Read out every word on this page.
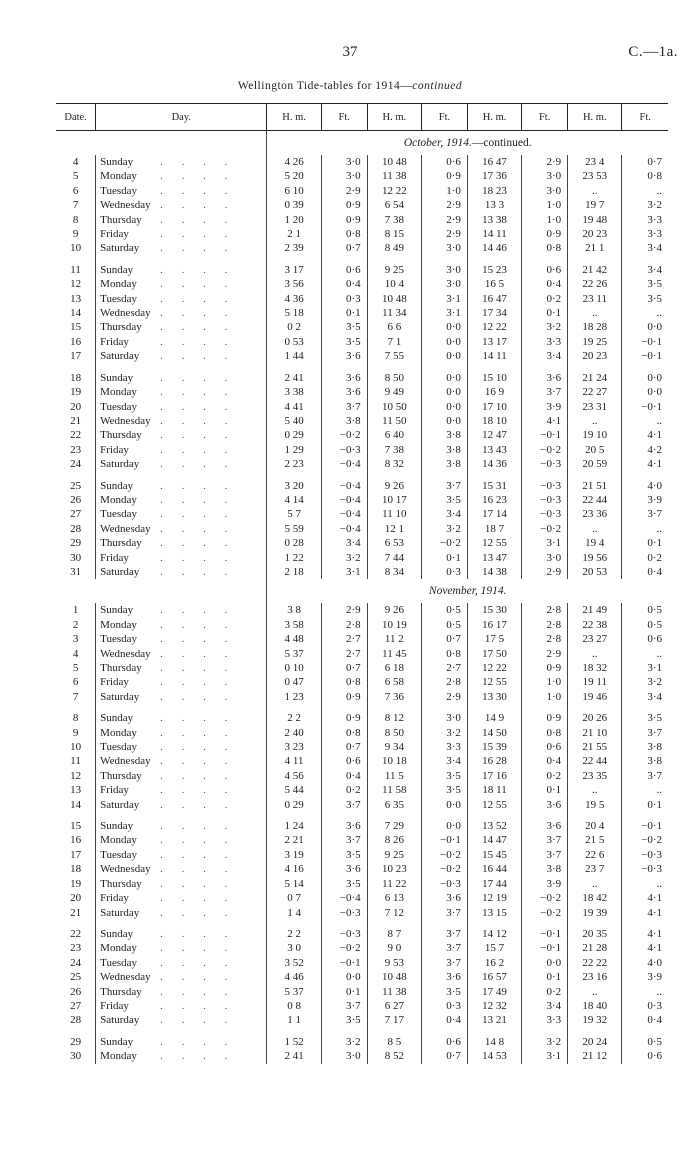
37	C.—1a.
Wellington Tide-tables for 1914—continued
Date.	Day.	H. m.	Ft.	H. m.	Ft.	H. m.	Ft.	H. m.	Ft.
		October, 1914.—continued.							
4	Sunday . . . .	4 26	3·0	10 48	0·6	16 47	2·9	23 4	0·7
5	Monday . . . .	5 20	3·0	11 38	0·9	17 36	3·0	23 53	0·8
6	Tuesday . . . .	6 10	2·9	12 22	1·0	18 23	3·0	..	..
7	Wednesday . . . .	0 39	0·9	6 54	2·9	13 3	1·0	19 7	3·2
8	Thursday . . . .	1 20	0·9	7 38	2·9	13 38	1·0	19 48	3·3
9	Friday . . . .	2 1	0·8	8 15	2·9	14 11	0·9	20 23	3·3
10	Saturday . . . .	2 39	0·7	8 49	3·0	14 46	0·8	21 1	3·4

11	Sunday . . . .	3 17	0·6	9 25	3·0	15 23	0·6	21 42	3·4
12	Monday . . . .	3 56	0·4	10 4	3·0	16 5	0·4	22 26	3·5
13	Tuesday . . . .	4 36	0·3	10 48	3·1	16 47	0·2	23 11	3·5
14	Wednesday . . . .	5 18	0·1	11 34	3·1	17 34	0·1	..	..
15	Thursday . . . .	0 2	3·5	6 6	0·0	12 22	3·2	18 28	0·0
16	Friday . . . .	0 53	3·5	7 1	0·0	13 17	3·3	19 25	−0·1
17	Saturday . . . .	1 44	3·6	7 55	0·0	14 11	3·4	20 23	−0·1

18	Sunday . . . .	2 41	3·6	8 50	0·0	15 10	3·6	21 24	0·0
19	Monday . . . .	3 38	3·6	9 49	0·0	16 9	3·7	22 27	0·0
20	Tuesday . . . .	4 41	3·7	10 50	0·0	17 10	3·9	23 31	−0·1
21	Wednesday . . . .	5 40	3·8	11 50	0·0	18 10	4·1	..	..
22	Thursday . . . .	0 29	−0·2	6 40	3·8	12 47	−0·1	19 10	4·1
23	Friday . . . .	1 29	−0·3	7 38	3·8	13 43	−0·2	20 5	4·2
24	Saturday . . . .	2 23	−0·4	8 32	3·8	14 36	−0·3	20 59	4·1

25	Sunday . . . .	3 20	−0·4	9 26	3·7	15 31	−0·3	21 51	4·0
26	Monday . . . .	4 14	−0·4	10 17	3·5	16 23	−0·3	22 44	3·9
27	Tuesday . . . .	5 7	−0·4	11 10	3·4	17 14	−0·3	23 36	3·7
28	Wednesday . . . .	5 59	−0·4	12 1	3·2	18 7	−0·2	..	..
29	Thursday . . . .	0 28	3·4	6 53	−0·2	12 55	3·1	19 4	0·1
30	Friday . . . .	1 22	3·2	7 44	0·1	13 47	3·0	19 56	0·2
31	Saturday . . . .	2 18	3·1	8 34	0·3	14 38	2·9	20 53	0·4
		November, 1914.							
1	Sunday . . . .	3 8	2·9	9 26	0·5	15 30	2·8	21 49	0·5
2	Monday . . . .	3 58	2·8	10 19	0·5	16 17	2·8	22 38	0·5
3	Tuesday . . . .	4 48	2·7	11 2	0·7	17 5	2·8	23 27	0·6
4	Wednesday . . . .	5 37	2·7	11 45	0·8	17 50	2·9	..	..
5	Thursday . . . .	0 10	0·7	6 18	2·7	12 22	0·9	18 32	3·1
6	Friday . . . .	0 47	0·8	6 58	2·8	12 55	1·0	19 11	3·2
7	Saturday . . . .	1 23	0·9	7 36	2·9	13 30	1·0	19 46	3·4

8	Sunday . . . .	2 2	0·9	8 12	3·0	14 9	0·9	20 26	3·5
9	Monday . . . .	2 40	0·8	8 50	3·2	14 50	0·8	21 10	3·7
10	Tuesday . . . .	3 23	0·7	9 34	3·3	15 39	0·6	21 55	3·8
11	Wednesday . . . .	4 11	0·6	10 18	3·4	16 28	0·4	22 44	3·8
12	Thursday . . . .	4 56	0·4	11 5	3·5	17 16	0·2	23 35	3·7
13	Friday . . . .	5 44	0·2	11 58	3·5	18 11	0·1	..	..
14	Saturday . . . .	0 29	3·7	6 35	0·0	12 55	3·6	19 5	0·1

15	Sunday . . . .	1 24	3·6	7 29	0·0	13 52	3·6	20 4	−0·1
16	Monday . . . .	2 21	3·7	8 26	−0·1	14 47	3·7	21 5	−0·2
17	Tuesday . . . .	3 19	3·5	9 25	−0·2	15 45	3·7	22 6	−0·3
18	Wednesday . . . .	4 16	3·6	10 23	−0·2	16 44	3·8	23 7	−0·3
19	Thursday . . . .	5 14	3·5	11 22	−0·3	17 44	3·9	..	..
20	Friday . . . .	0 7	−0·4	6 13	3·6	12 19	−0·2	18 42	4·1
21	Saturday . . . .	1 4	−0·3	7 12	3·7	13 15	−0·2	19 39	4·1

22	Sunday . . . .	2 2	−0·3	8 7	3·7	14 12	−0·1	20 35	4·1
23	Monday . . . .	3 0	−0·2	9 0	3·7	15 7	−0·1	21 28	4·1
24	Tuesday . . . .	3 52	−0·1	9 53	3·7	16 2	0·0	22 22	4·0
25	Wednesday . . . .	4 46	0·0	10 48	3·6	16 57	0·1	23 16	3·9
26	Thursday . . . .	5 37	0·1	11 38	3·5	17 49	0·2	..	..
27	Friday . . . .	0 8	3·7	6 27	0·3	12 32	3·4	18 40	0·3
28	Saturday . . . .	1 1	3·5	7 17	0·4	13 21	3·3	19 32	0·4

29	Sunday . . . .	1 52	3·2	8 5	0·6	14 8	3·2	20 24	0·5
30	Monday . . . .	2 41	3·0	8 52	0·7	14 53	3·1	21 12	0·6
